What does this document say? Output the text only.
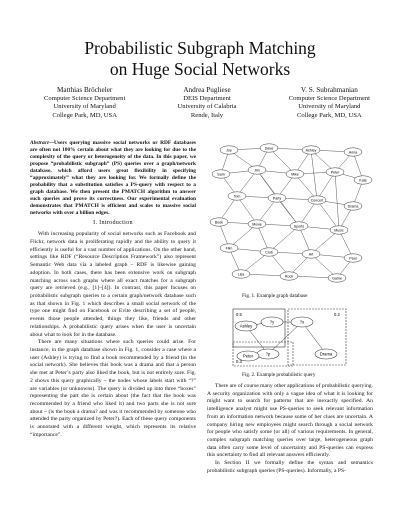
Probabilistic Subgraph Matching
on Huge Social Networks
Matthias Bröcheler
Computer Science Department
University of Maryland
College Park, MD, USA
Andrea Pugliese
DEIS Department
University of Calabria
Rende, Italy
V. S. Subrahmanian
Computer Science Department
University of Maryland
College Park, MD, USA

Abstract—Users querying massive social networks or RDF databases are often not 100% certain about what they are looking for due to the complexity of the query or heterogeneity of the data. In this paper, we propose “probabilistic subgraph” (PS) queries over a graph/network database, which afford users great flexibility in specifying “approximately” what they are looking for. We formally define the probability that a substitution satisfies a PS-query with respect to a graph database. We then present the PMATCH algorithm to answer such queries and prove its correctness. Our experimental evaluation demonstrates that PMATCH is efficient and scales to massive social networks with over a billion edges.

I. Introduction

With increasing popularity of social networks such as Facebook and Flickr, network data is proliferating rapidly and the ability to query it efficiently is useful for a vast number of applications. On the other hand, settings like RDF (“Resource Description Framework”) also represent Semantic Web data via a labeled graph – RDF is likewise gaining adoption. In both cases, there has been extensive work on subgraph matching across such graphs where all exact matches for a subgraph query are retrieved (e.g., [1]–[4]). In contrast, this paper focuses on probabilistic subgraph queries to a certain graph/network database such as that shown in Fig. 1 which describes a small social network of the type one might find on Facebook or Evite describing a set of people, events those people attended, things they like, friends and other relationships. A probabilistic query arises when the user is uncertain about what to look for in the database.

There are many situations where such queries could arise. For instance, in the graph database shown in Fig. 1, consider a case where a user (Ashley) is trying to find a book recommended by a friend (in the social network). She believes this book was a drama and that a person she met at Peter’s party also liked the book, but is not entirely sure. Fig. 2 shows this query graphically – the nodes whose labels start with “?” are variables (or unknowns). The query is divided up into three “boxes” representing the part she is certain about (the fact that the book was recommended by a friend who liked it) and two parts she is not sure about – (is the book a drama? and was it recommended by someone who attended the party organized by Peter?). Each of these query components is annotated with a different weight, which represents its relative “importance”.

Joe	Dave	Ashley	Anna
Sam
Jim
Mike	Peter
Kate
Tom	Party	Concert
Drama
Book	Movie	Sports
Music
Film
Club	Art
Paul
Lisa	Rock	Game
Fig. 1. Example graph database
Ashley
?y	?x
?p
Peter	Drama
0.5	0.2
0.3
Fig. 2. Example probabilistic query

There are of course many other applications of probabilistic querying. A security organization with only a vague idea of what it is looking for might want to search for patterns that are inexactly specified. An intelligence analyst might use PS-queries to seek relevant information from an information network because some of her clues are uncertain. A company hiring new employees might search through a social network for people who satisfy some (or all) of various requirements. In general, complex subgraph matching queries over large, heterogeneous graph data often carry some level of uncertainty and PS-queries can express this uncertainty to find all relevant answers efficiently.

In Section II we formally define the syntax and semantics probabilistic subgraph queries (PS-queries). Informally, a PS-
